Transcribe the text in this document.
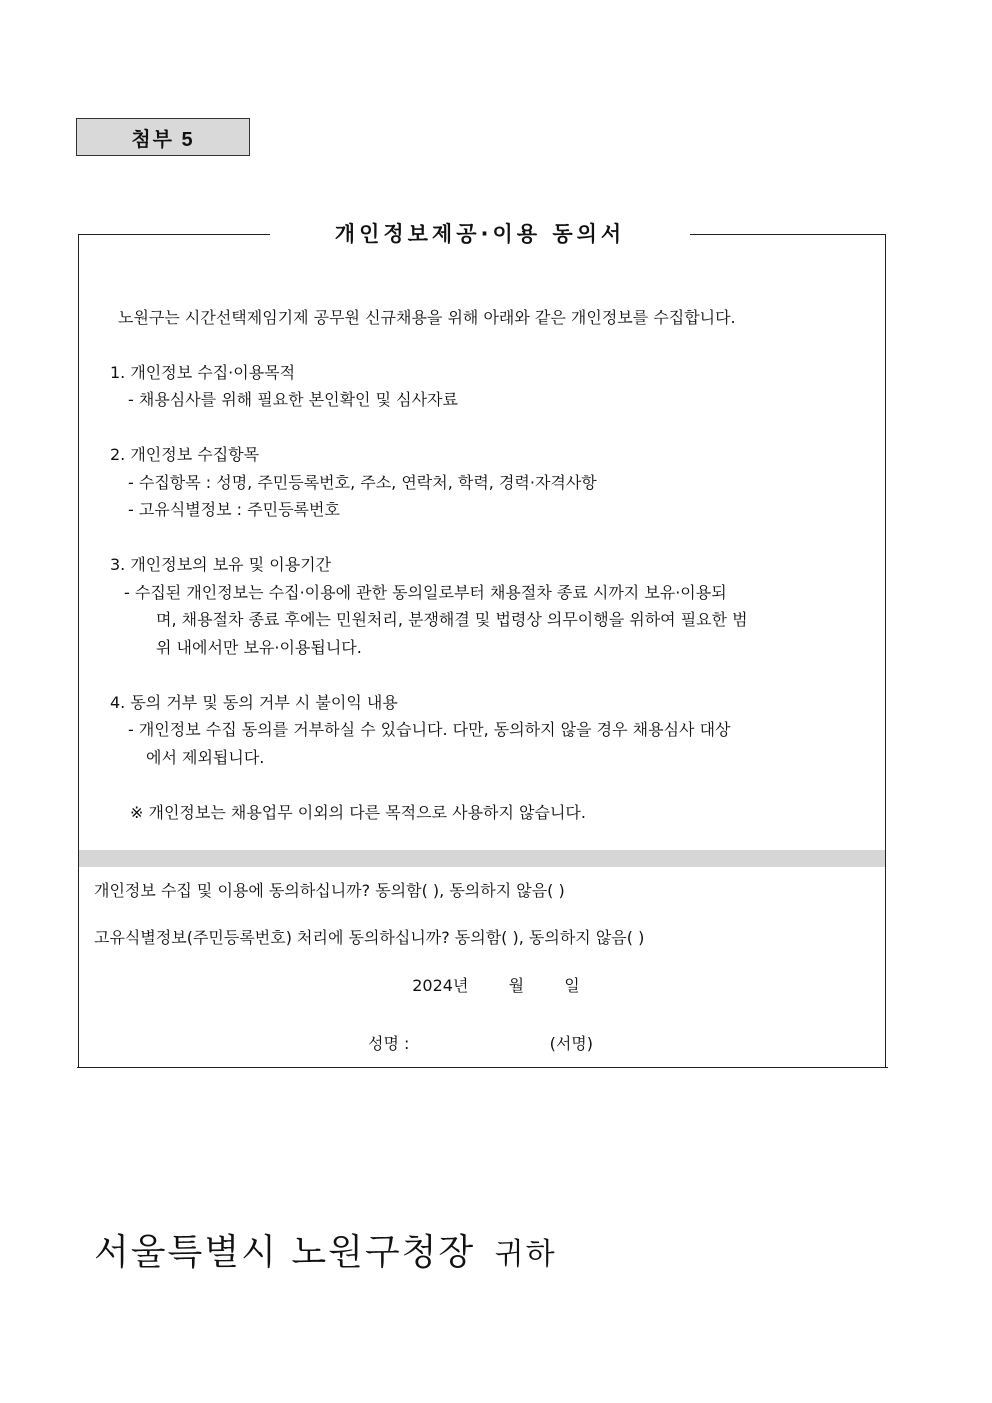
첨부 5
개인정보제공·이용 동의서
노원구는 시간선택제임기제 공무원 신규채용을 위해 아래와 같은 개인정보를 수집합니다.
1. 개인정보 수집·이용목적
- 채용심사를 위해 필요한 본인확인 및 심사자료
2. 개인정보 수집항목
- 수집항목 : 성명, 주민등록번호, 주소, 연락처, 학력, 경력·자격사항
- 고유식별정보 : 주민등록번호
3. 개인정보의 보유 및 이용기간
- 수집된 개인정보는 수집·이용에 관한 동의일로부터 채용절차 종료 시까지 보유·이용되
며, 채용절차 종료 후에는 민원처리, 분쟁해결 및 법령상 의무이행을 위하여 필요한 범
위 내에서만 보유·이용됩니다.
4. 동의 거부 및 동의 거부 시 불이익 내용
- 개인정보 수집 동의를 거부하실 수 있습니다. 다만, 동의하지 않을 경우 채용심사 대상
에서 제외됩니다.
※ 개인정보는 채용업무 이외의 다른 목적으로 사용하지 않습니다.
개인정보 수집 및 이용에 동의하십니까? 동의함( ), 동의하지 않음( )
고유식별정보(주민등록번호) 처리에 동의하십니까? 동의함( ), 동의하지 않음( )
2024년	월	일
성명 :	(서명)
서울특별시 노원구청장 귀하
